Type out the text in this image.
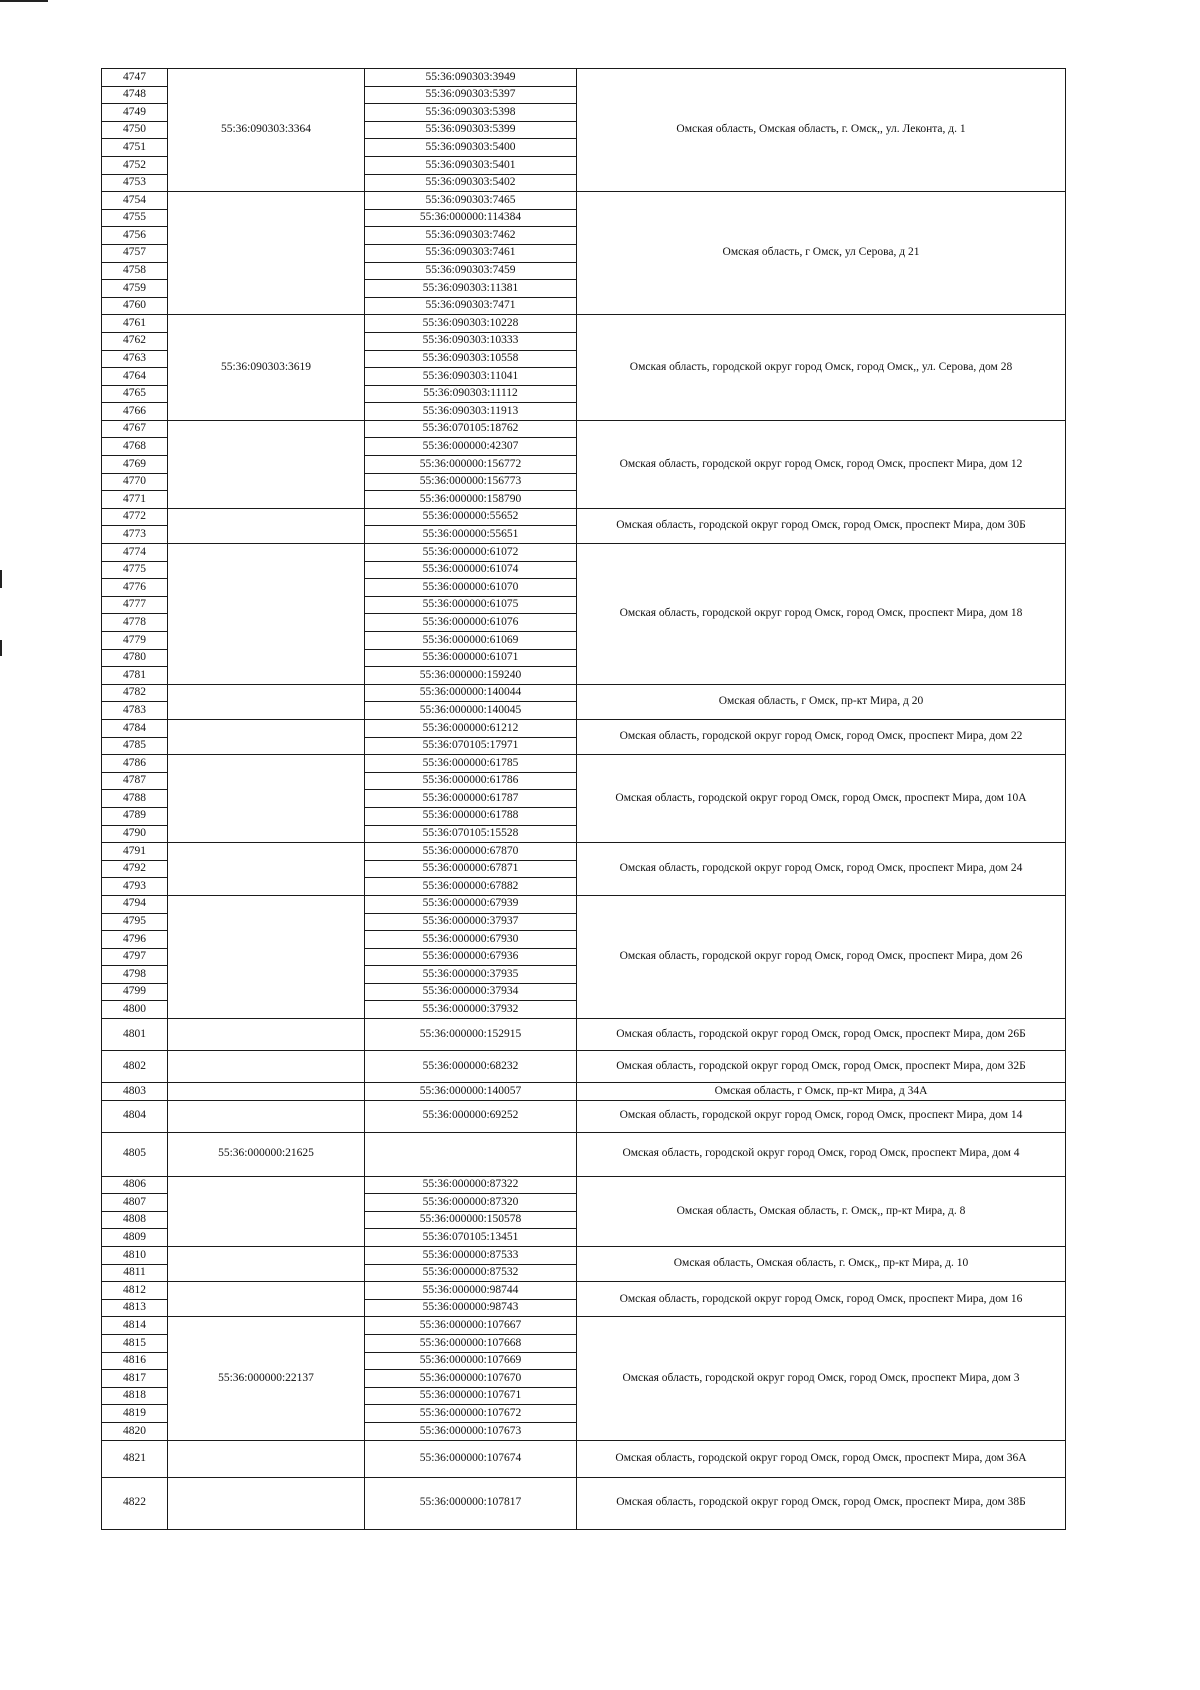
4747	55:36:090303:3364	55:36:090303:3949	Омская область, Омская область, г. Омск,, ул. Леконта, д. 1
4748		55:36:090303:5397	
4749		55:36:090303:5398	
4750		55:36:090303:5399	
4751		55:36:090303:5400	
4752		55:36:090303:5401	
4753		55:36:090303:5402	
4754		55:36:090303:7465	Омская область, г Омск, ул Серова, д 21
4755		55:36:000000:114384	
4756		55:36:090303:7462	
4757		55:36:090303:7461	
4758		55:36:090303:7459	
4759		55:36:090303:11381	
4760		55:36:090303:7471	
4761	55:36:090303:3619	55:36:090303:10228	Омская область, городской округ город Омск, город Омск,, ул. Серова, дом 28
4762		55:36:090303:10333	
4763		55:36:090303:10558	
4764		55:36:090303:11041	
4765		55:36:090303:11112	
4766		55:36:090303:11913	
4767		55:36:070105:18762	Омская область, городской округ город Омск, город Омск, проспект Мира, дом 12
4768		55:36:000000:42307	
4769		55:36:000000:156772	
4770		55:36:000000:156773	
4771		55:36:000000:158790	
4772		55:36:000000:55652	Омская область, городской округ город Омск, город Омск, проспект Мира, дом 30Б
4773		55:36:000000:55651	
4774		55:36:000000:61072	Омская область, городской округ город Омск, город Омск, проспект Мира, дом 18
4775		55:36:000000:61074	
4776		55:36:000000:61070	
4777		55:36:000000:61075	
4778		55:36:000000:61076	
4779		55:36:000000:61069	
4780		55:36:000000:61071	
4781		55:36:000000:159240	
4782		55:36:000000:140044	Омская область, г Омск, пр-кт Мира, д 20
4783		55:36:000000:140045	
4784		55:36:000000:61212	Омская область, городской округ город Омск, город Омск, проспект Мира, дом 22
4785		55:36:070105:17971	
4786		55:36:000000:61785	Омская область, городской округ город Омск, город Омск, проспект Мира, дом 10А
4787		55:36:000000:61786	
4788		55:36:000000:61787	
4789		55:36:000000:61788	
4790		55:36:070105:15528	
4791		55:36:000000:67870	Омская область, городской округ город Омск, город Омск, проспект Мира, дом 24
4792		55:36:000000:67871	
4793		55:36:000000:67882	
4794		55:36:000000:67939	Омская область, городской округ город Омск, город Омск, проспект Мира, дом 26
4795		55:36:000000:37937	
4796		55:36:000000:67930	
4797		55:36:000000:67936	
4798		55:36:000000:37935	
4799		55:36:000000:37934	
4800		55:36:000000:37932	
4801		55:36:000000:152915	Омская область, городской округ город Омск, город Омск, проспект Мира, дом 26Б
4802		55:36:000000:68232	Омская область, городской округ город Омск, город Омск, проспект Мира, дом 32Б
4803		55:36:000000:140057	Омская область, г Омск, пр-кт Мира, д 34А
4804		55:36:000000:69252	Омская область, городской округ город Омск, город Омск, проспект Мира, дом 14
4805	55:36:000000:21625		Омская область, городской округ город Омск, город Омск, проспект Мира, дом 4
4806		55:36:000000:87322	Омская область, Омская область, г. Омск,, пр-кт Мира, д. 8
4807		55:36:000000:87320	
4808		55:36:000000:150578	
4809		55:36:070105:13451	
4810		55:36:000000:87533	Омская область, Омская область, г. Омск,, пр-кт Мира, д. 10
4811		55:36:000000:87532	
4812		55:36:000000:98744	Омская область, городской округ город Омск, город Омск, проспект Мира, дом 16
4813		55:36:000000:98743	
4814	55:36:000000:22137	55:36:000000:107667	Омская область, городской округ город Омск, город Омск, проспект Мира, дом 3
4815		55:36:000000:107668	
4816		55:36:000000:107669	
4817		55:36:000000:107670	
4818		55:36:000000:107671	
4819		55:36:000000:107672	
4820		55:36:000000:107673	
4821		55:36:000000:107674	Омская область, городской округ город Омск, город Омск, проспект Мира, дом 36А
4822		55:36:000000:107817	Омская область, городской округ город Омск, город Омск, проспект Мира, дом 38Б
